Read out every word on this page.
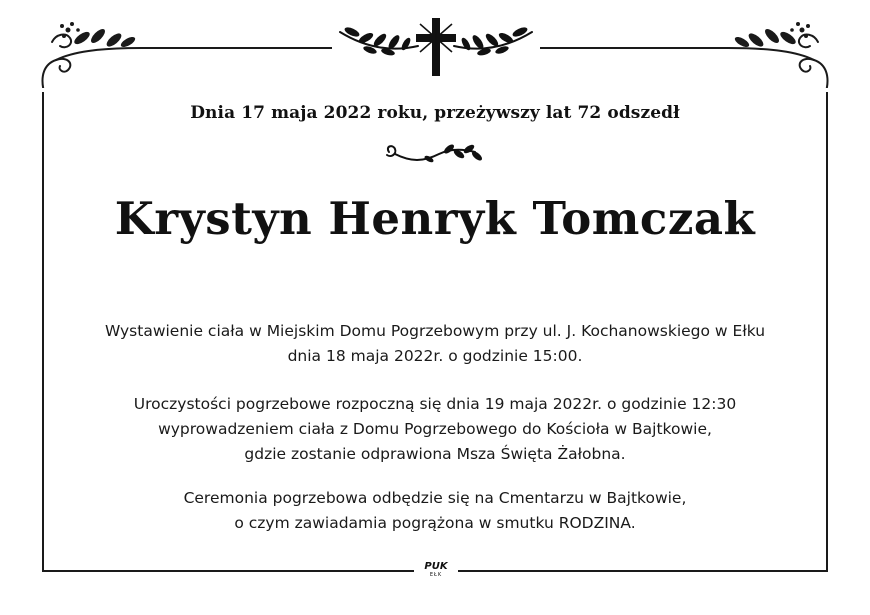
Dnia 17 maja 2022 roku, przeżywszy lat 72 odszedł
Krystyn Henryk Tomczak
Wystawienie ciała w Miejskim Domu Pogrzebowym przy ul. J. Kochanowskiego w Ełku
dnia 18 maja 2022r. o godzinie 15:00.
Uroczystości pogrzebowe rozpoczną się dnia 19 maja 2022r. o godzinie 12:30
wyprowadzeniem ciała z Domu Pogrzebowego do Kościoła w Bajtkowie,
gdzie zostanie odprawiona Msza Święta Żałobna.
Ceremonia pogrzebowa odbędzie się na Cmentarzu w Bajtkowie,
o czym zawiadamia pogrążona w smutku RODZINA.
PUK
EŁK
